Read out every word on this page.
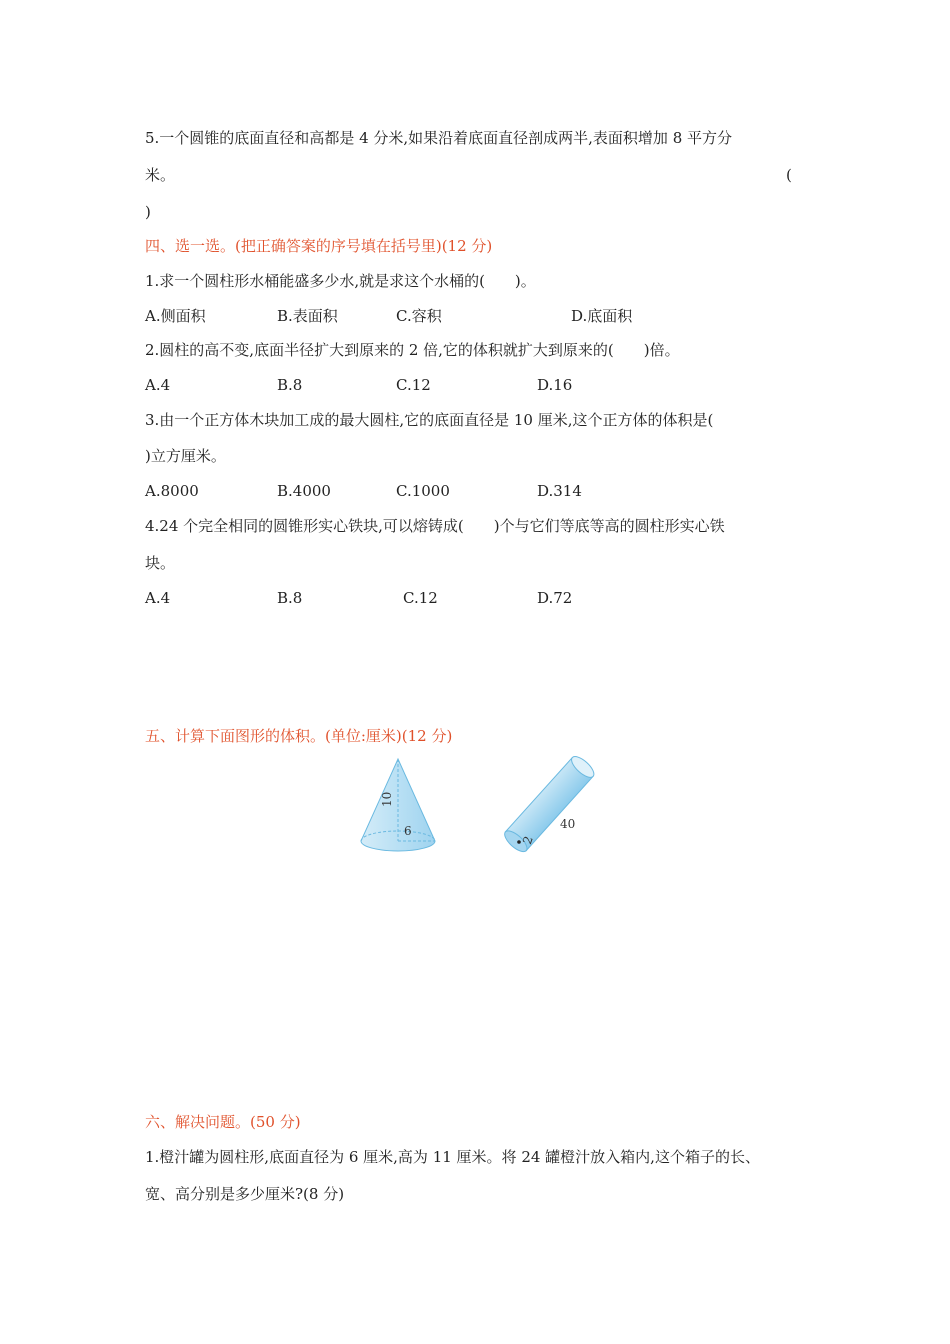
5.一个圆锥的底面直径和高都是 4 分米,如果沿着底面直径剖成两半,表面积增加 8 平方分
米。	(
)
四、选一选。(把正确答案的序号填在括号里)(12 分)
1.求一个圆柱形水桶能盛多少水,就是求这个水桶的(　　)。
A.侧面积	B.表面积	C.容积	D.底面积
2.圆柱的高不变,底面半径扩大到原来的 2 倍,它的体积就扩大到原来的(　　)倍。
A.4	B.8	C.12	D.16
3.由一个正方体木块加工成的最大圆柱,它的底面直径是 10 厘米,这个正方体的体积是(
)立方厘米。
A.8000	B.4000	C.1000	D.314
4.24 个完全相同的圆锥形实心铁块,可以熔铸成(　　)个与它们等底等高的圆柱形实心铁
块。
A.4	B.8	C.12	D.72
五、计算下面图形的体积。(单位:厘米)(12 分)
10
6	40
2
六、解决问题。(50 分)
1.橙汁罐为圆柱形,底面直径为 6 厘米,高为 11 厘米。将 24 罐橙汁放入箱内,这个箱子的长、
宽、高分别是多少厘米?(8 分)
